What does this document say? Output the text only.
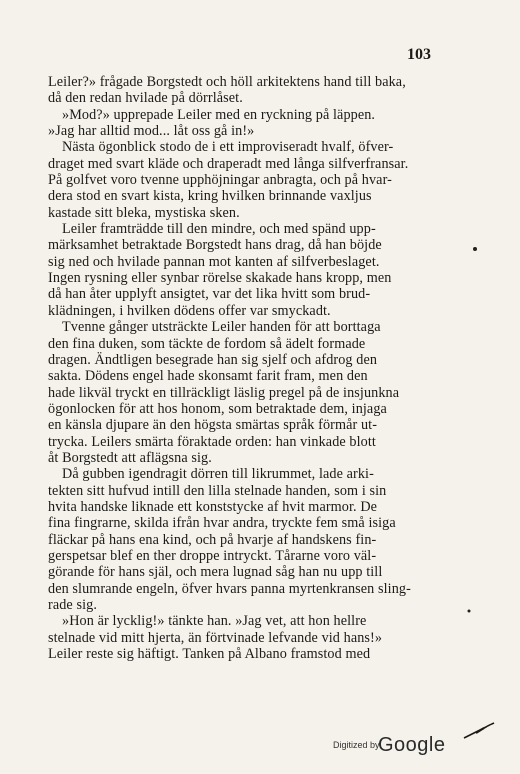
103
Leiler?» frågade Borgstedt och höll arkitektens hand till baka,
då den redan hvilade på dörrlåset.
»Mod?» upprepade Leiler med en ryckning på läppen.
»Jag har alltid mod... låt oss gå in!»
Nästa ögonblick stodo de i ett improviseradt hvalf, öfver-
draget med svart kläde och draperadt med långa silfverfransar.
På golfvet voro tvenne upphöjningar anbragta, och på hvar-
dera stod en svart kista, kring hvilken brinnande vaxljus
kastade sitt bleka, mystiska sken.
Leiler framträdde till den mindre, och med spänd upp-
märksamhet betraktade Borgstedt hans drag, då han böjde
sig ned och hvilade pannan mot kanten af silfverbeslaget.
Ingen rysning eller synbar rörelse skakade hans kropp, men
då han åter upplyft ansigtet, var det lika hvitt som brud-
klädningen, i hvilken dödens offer var smyckadt.
Tvenne gånger utsträckte Leiler handen för att borttaga
den fina duken, som täckte de fordom så ädelt formade
dragen. Ändtligen besegrade han sig sjelf och afdrog den
sakta. Dödens engel hade skonsamt farit fram, men den
hade likväl tryckt en tillräckligt läslig pregel på de insjunkna
ögonlocken för att hos honom, som betraktade dem, injaga
en känsla djupare än den högsta smärtas språk förmår ut-
trycka. Leilers smärta föraktade orden: han vinkade blott
åt Borgstedt att aflägsna sig.
Då gubben igendragit dörren till likrummet, lade arki-
tekten sitt hufvud intill den lilla stelnade handen, som i sin
hvita handske liknade ett konststycke af hvit marmor. De
fina fingrarne, skilda ifrån hvar andra, tryckte fem små isiga
fläckar på hans ena kind, och på hvarje af handskens fin-
gerspetsar blef en ther droppe intryckt. Tårarne voro väl-
görande för hans själ, och mera lugnad såg han nu upp till
den slumrande engeln, öfver hvars panna myrtenkransen sling-
rade sig.
»Hon är lycklig!» tänkte han. »Jag vet, att hon hellre
stelnade vid mitt hjerta, än förtvinade lefvande vid hans!»
Leiler reste sig häftigt. Tanken på Albano framstod med
Digitized by
Google
